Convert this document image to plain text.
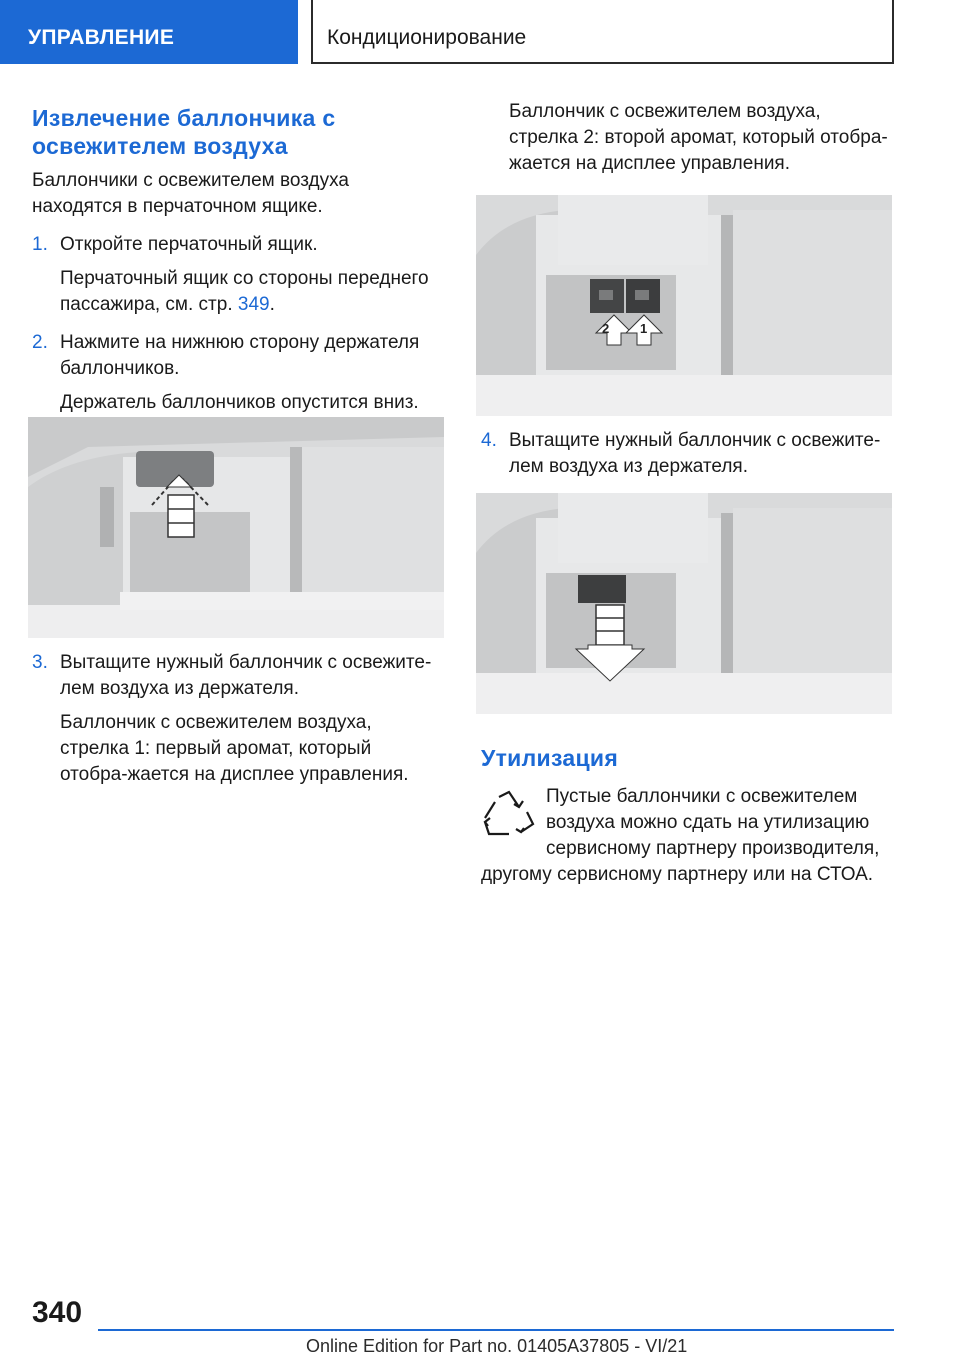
УПРАВЛЕНИЕ	Кондиционирование
Извлечение баллончика с освежителем воздуха

Баллончики с освежителем воздуха находятся в перчаточном ящике.

1. Откройте перчаточный ящик.

Перчаточный ящик со стороны переднего пассажира, см. стр. 349.

2. Нажмите на нижнюю сторону держателя баллончиков.

Держатель баллончиков опустится вниз.

3. Вытащите нужный баллончик с освежите-лем воздуха из держателя.

Баллончик с освежителем воздуха, стрелка 1: первый аромат, который отобра-жается на дисплее управления.

Баллончик с освежителем воздуха, стрелка 2: второй аромат, который отобра-жается на дисплее управления.

2 1
4. Вытащите нужный баллончик с освежите-лем воздуха из держателя.

Утилизация

Пустые баллончики с освежителем воздуха можно сдать на утилизацию сервисному партнеру производителя,

другому сервисному партнеру или на СТОА.

340
Online Edition for Part no. 01405A37805 - VI/21
